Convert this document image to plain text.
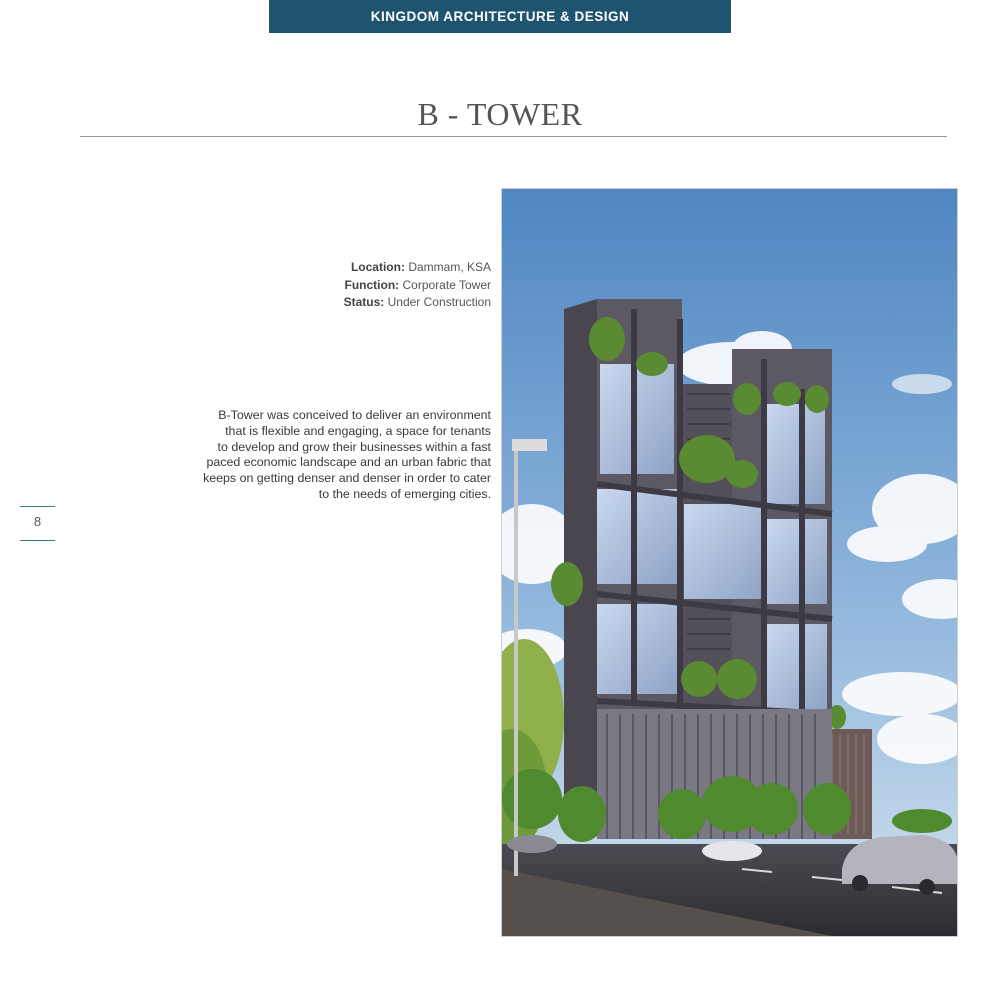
KINGDOM ARCHITECTURE & DESIGN
B - TOWER
Location: Dammam, KSA
Function: Corporate Tower
Status: Under Construction
B-Tower was conceived to deliver an environment
that is flexible and engaging, a space for tenants
to develop and grow their businesses within a fast
paced economic landscape and an urban fabric that
keeps on getting denser and denser in order to cater
to the needs of emerging cities.
8
